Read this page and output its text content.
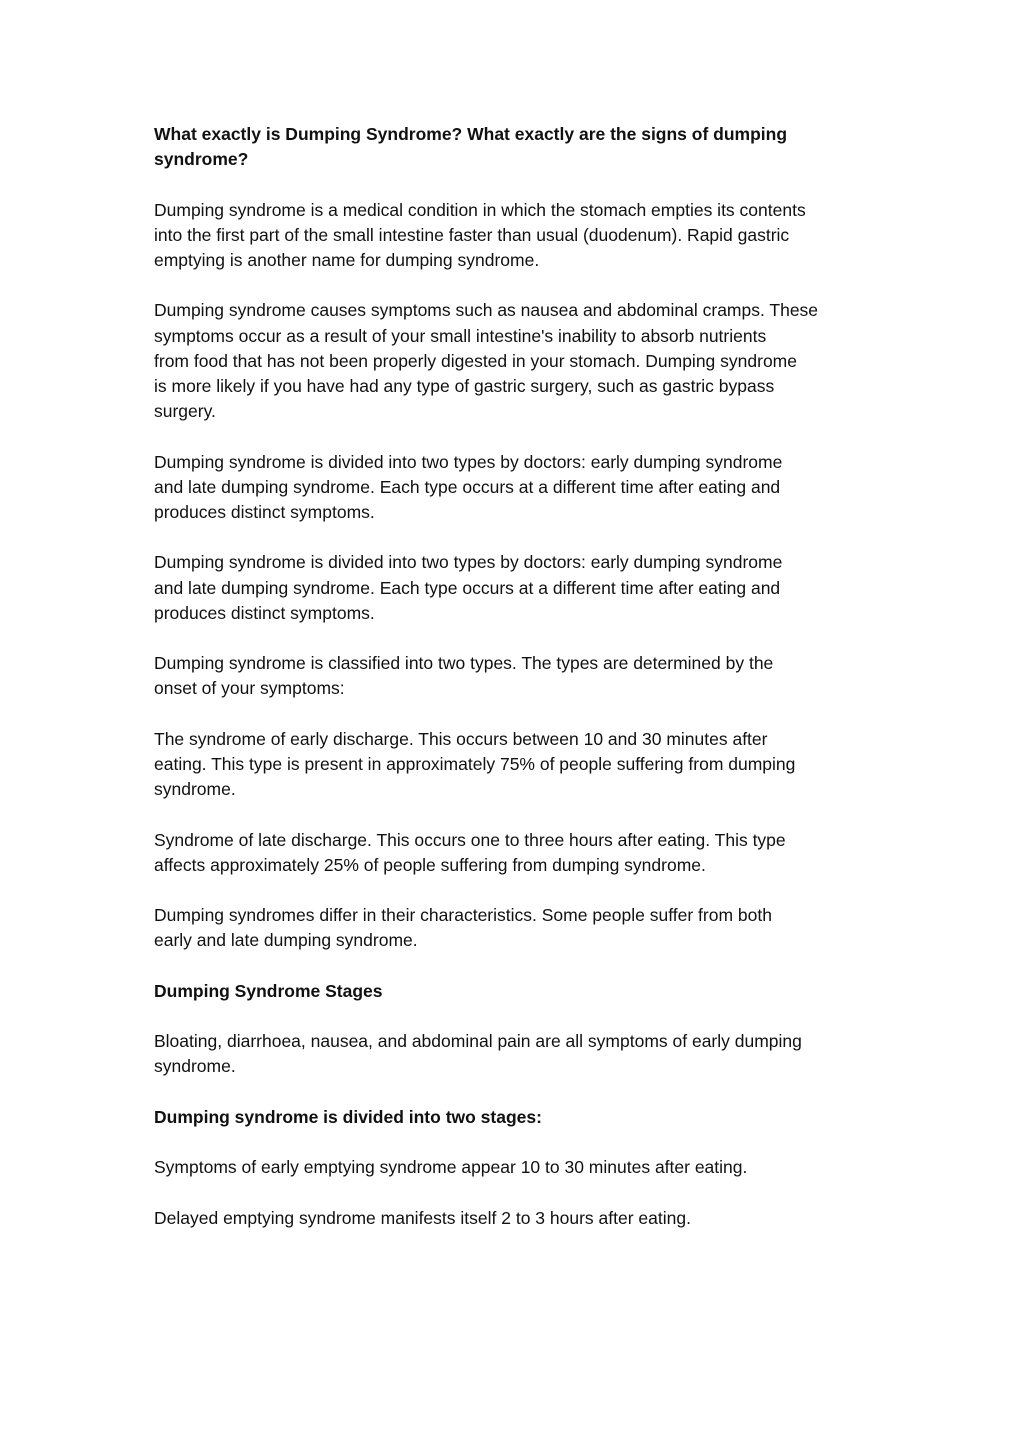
What exactly is Dumping Syndrome? What exactly are the signs of dumping
syndrome?

Dumping syndrome is a medical condition in which the stomach empties its contents
into the first part of the small intestine faster than usual (duodenum). Rapid gastric
emptying is another name for dumping syndrome.

Dumping syndrome causes symptoms such as nausea and abdominal cramps. These
symptoms occur as a result of your small intestine's inability to absorb nutrients
from food that has not been properly digested in your stomach. Dumping syndrome
is more likely if you have had any type of gastric surgery, such as gastric bypass
surgery.

Dumping syndrome is divided into two types by doctors: early dumping syndrome
and late dumping syndrome. Each type occurs at a different time after eating and
produces distinct symptoms.

Dumping syndrome is divided into two types by doctors: early dumping syndrome
and late dumping syndrome. Each type occurs at a different time after eating and
produces distinct symptoms.

Dumping syndrome is classified into two types. The types are determined by the
onset of your symptoms:

The syndrome of early discharge. This occurs between 10 and 30 minutes after
eating. This type is present in approximately 75% of people suffering from dumping
syndrome.

Syndrome of late discharge. This occurs one to three hours after eating. This type
affects approximately 25% of people suffering from dumping syndrome.

Dumping syndromes differ in their characteristics. Some people suffer from both
early and late dumping syndrome.

Dumping Syndrome Stages

Bloating, diarrhoea, nausea, and abdominal pain are all symptoms of early dumping
syndrome.

Dumping syndrome is divided into two stages:

Symptoms of early emptying syndrome appear 10 to 30 minutes after eating.

Delayed emptying syndrome manifests itself 2 to 3 hours after eating.
